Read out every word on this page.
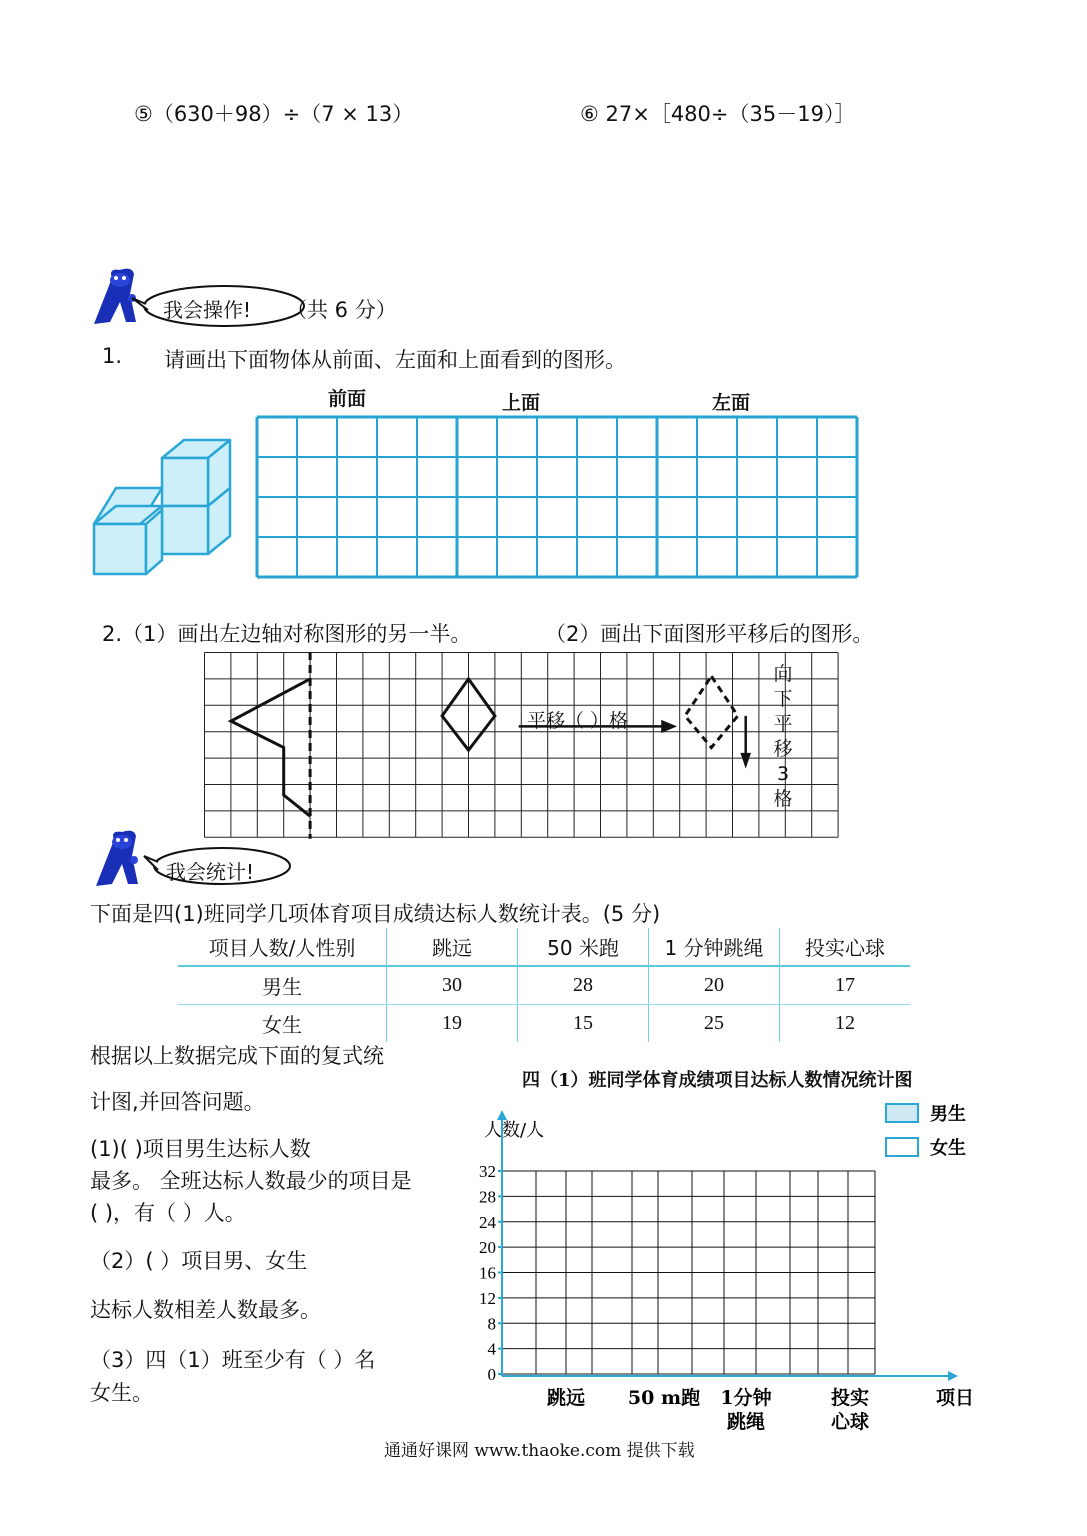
⑤（630＋98）÷（7 × 13）	⑥ 27×［480÷（35－19）］
我会操作! （共 6 分）
1. 请画出下面物体从前面、左面和上面看到的图形。
前面	上面	左面
2.（1）画出左边轴对称图形的另一半。	（2）画出下面图形平移后的图形。
平移（ ）格
向
下
平
移
3
格
我会统计!
下面是四(1)班同学几项体育项目成绩达标人数统计表。(5 分)
项目人数/人性别	跳远	50 米跑	1 分钟跳绳	投实心球
男生	30	28	20	17
女生	19	15	25	12
根据以上数据完成下面的复式统
计图,并回答问题。
(1)( )项目男生达标人数
最多。 全班达标人数最少的项目是
( )，有（ ）人。
（2）( ）项目男、女生
达标人数相差人数最多。
（3）四（1）班至少有（ ）名
女生。
四（1）班同学体育成绩项目达标人数情况统计图
人数/人
男生
女生
32
28
24
20
16
12
8
4
0
跳远 50 m跑 1分钟
跳绳
投实
心球
项日
通通好课网 www.thaoke.com 提供下载
